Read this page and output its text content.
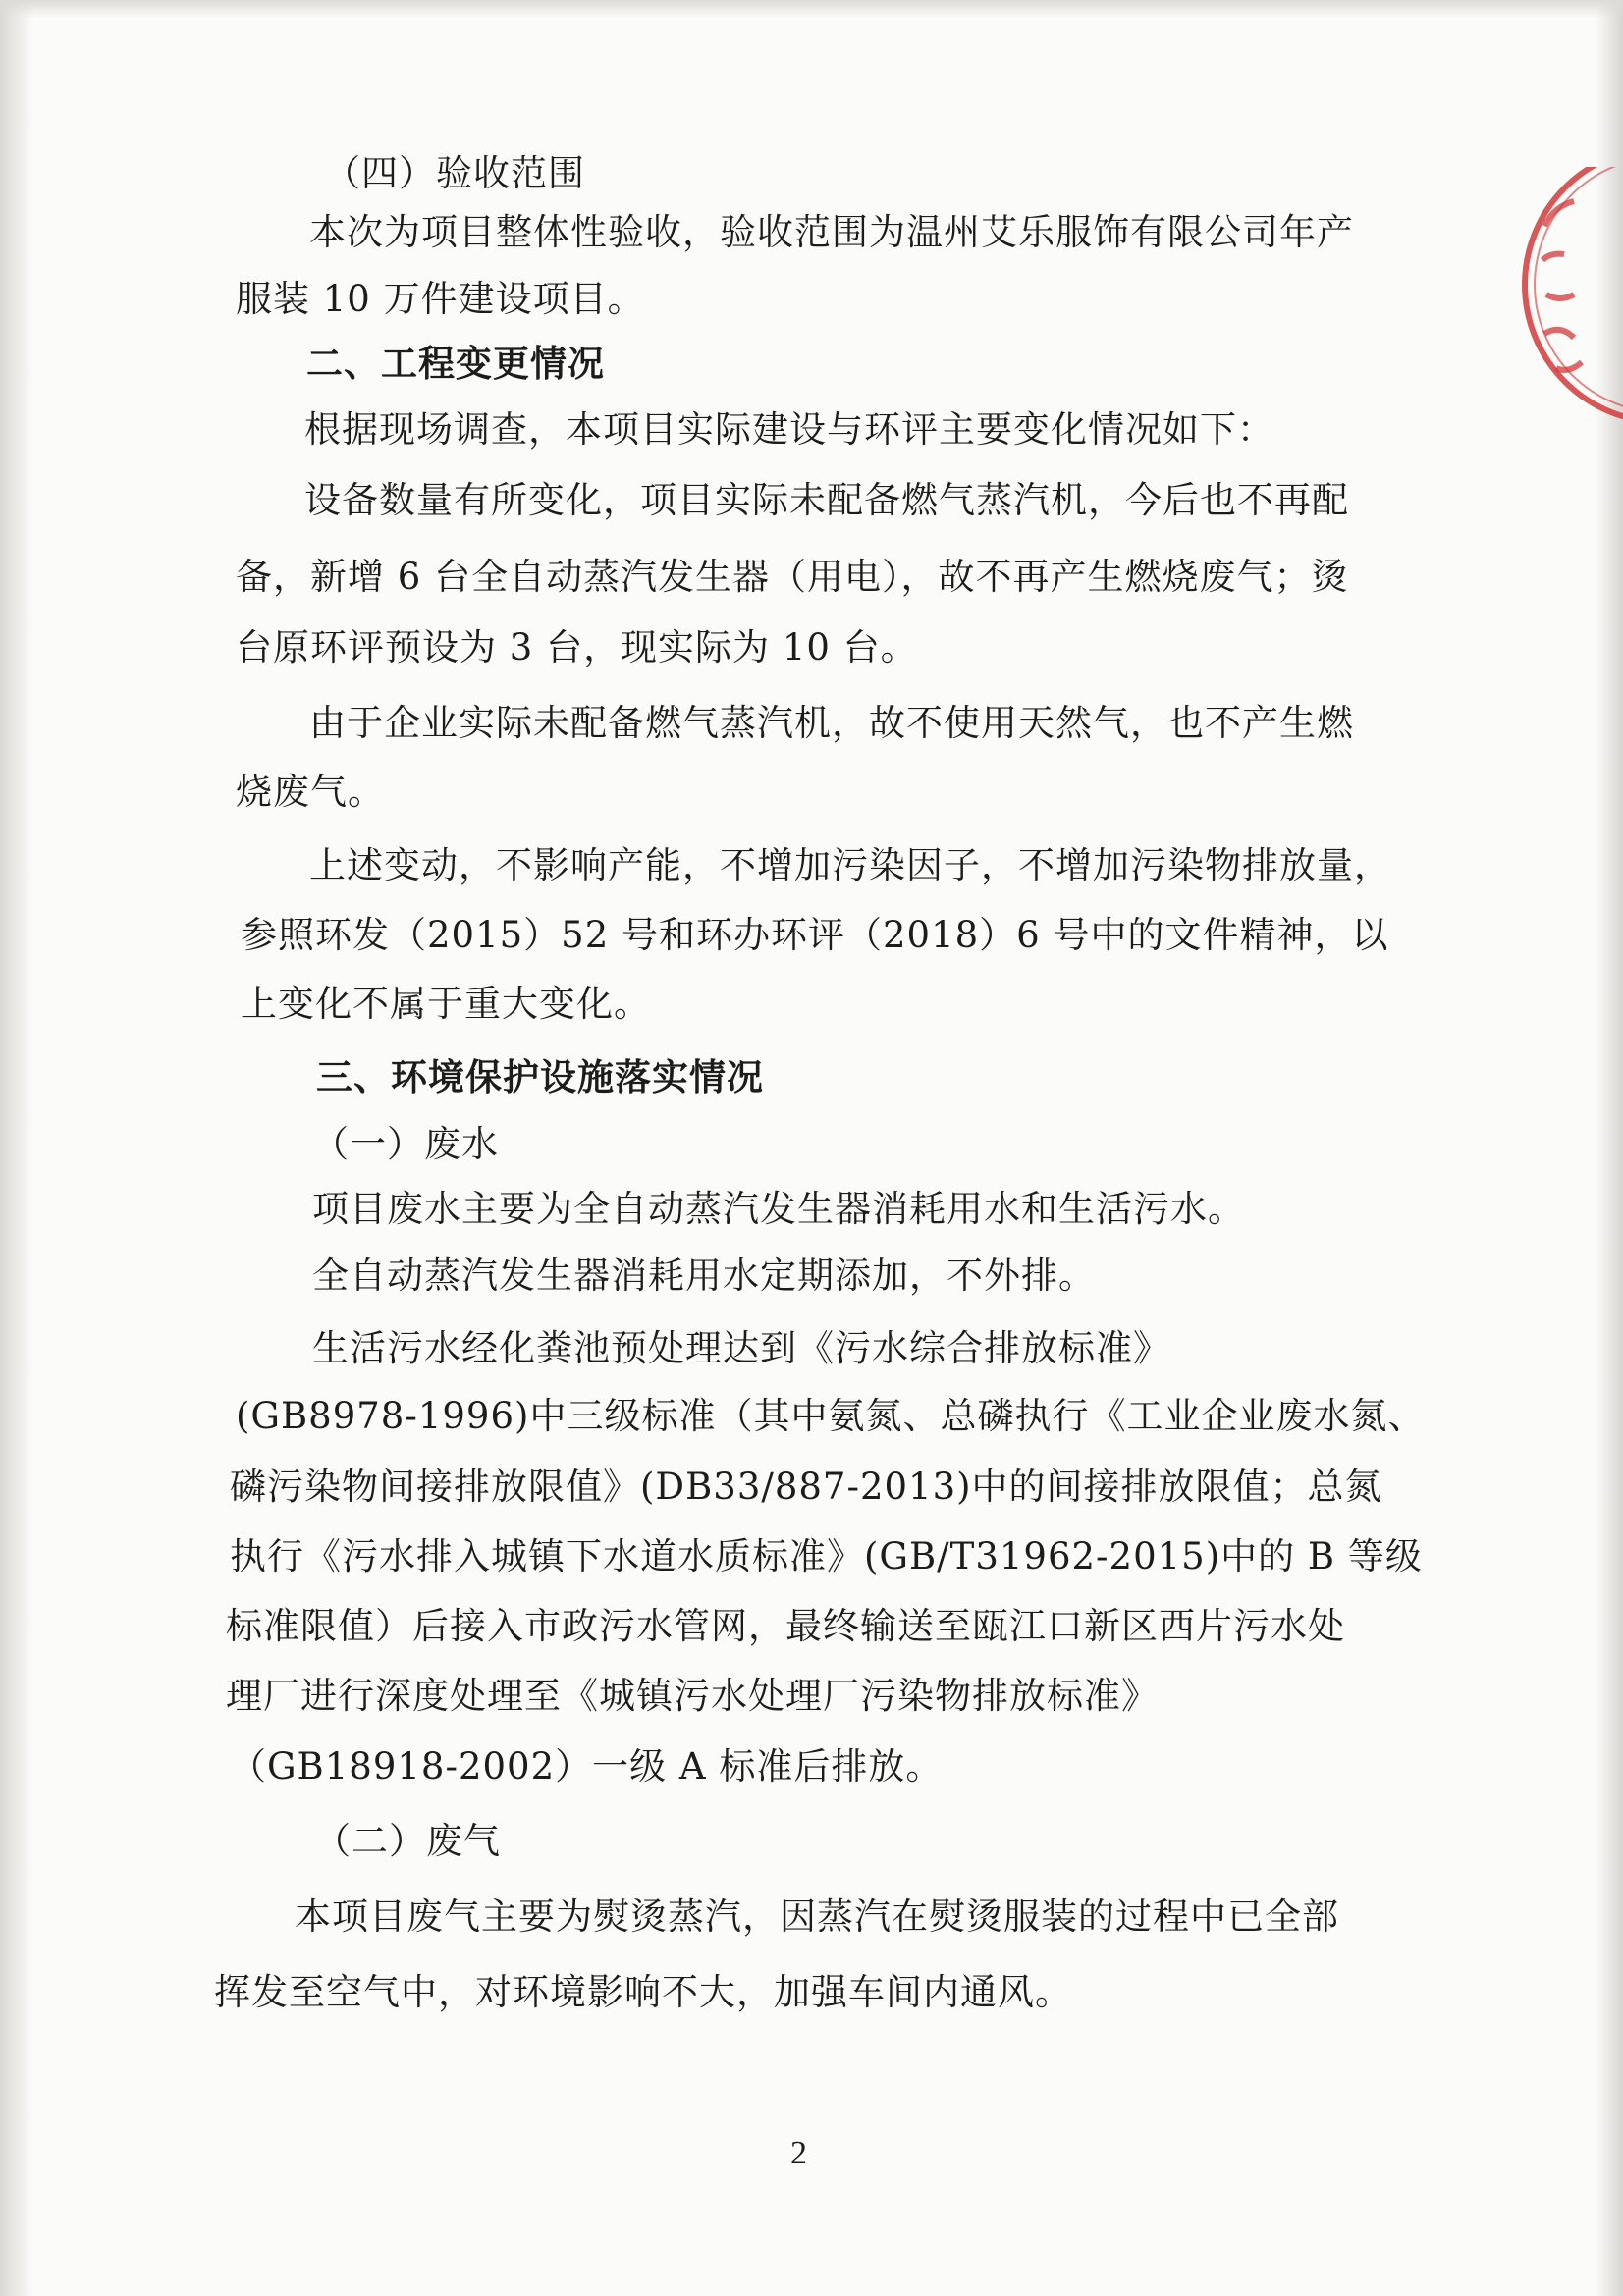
（四）验收范围
本次为项目整体性验收，验收范围为温州艾乐服饰有限公司年产
服装 10 万件建设项目。
二、工程变更情况
根据现场调查，本项目实际建设与环评主要变化情况如下：
设备数量有所变化，项目实际未配备燃气蒸汽机，今后也不再配
备，新增 6 台全自动蒸汽发生器（用电），故不再产生燃烧废气；烫
台原环评预设为 3 台，现实际为 10 台。
由于企业实际未配备燃气蒸汽机，故不使用天然气，也不产生燃
烧废气。
上述变动，不影响产能，不增加污染因子，不增加污染物排放量，
参照环发（2015）52 号和环办环评（2018）6 号中的文件精神，以
上变化不属于重大变化。
三、环境保护设施落实情况
（一）废水
项目废水主要为全自动蒸汽发生器消耗用水和生活污水。
全自动蒸汽发生器消耗用水定期添加，不外排。
生活污水经化粪池预处理达到《污水综合排放标准》
(GB8978-1996)中三级标准（其中氨氮、总磷执行《工业企业废水氮、
磷污染物间接排放限值》(DB33/887-2013)中的间接排放限值；总氮
执行《污水排入城镇下水道水质标准》(GB/T31962-2015)中的 B 等级
标准限值）后接入市政污水管网，最终输送至瓯江口新区西片污水处
理厂进行深度处理至《城镇污水处理厂污染物排放标准》
（GB18918-2002）一级 A 标准后排放。
（二）废气
本项目废气主要为熨烫蒸汽，因蒸汽在熨烫服装的过程中已全部
挥发至空气中，对环境影响不大，加强车间内通风。
2
